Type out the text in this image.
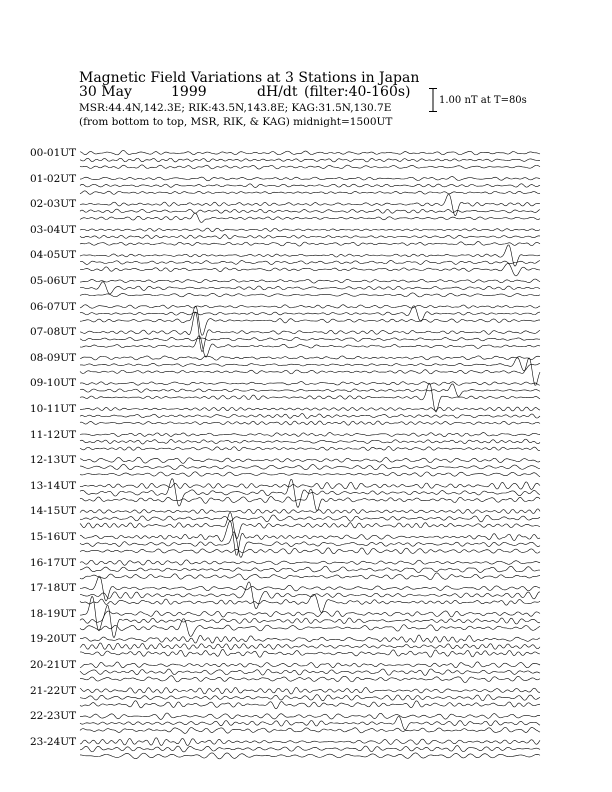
Magnetic Field Variations at 3 Stations in Japan
30 May	1999	dH/dt (filter:40-160s)
MSR:44.4N,142.3E; RIK:43.5N,143.8E; KAG:31.5N,130.7E
(from bottom to top, MSR, RIK, & KAG) midnight=1500UT
1.00 nT at T=80s
00-01UT
01-02UT
02-03UT
03-04UT
04-05UT
05-06UT
06-07UT
07-08UT
08-09UT
09-10UT
10-11UT
11-12UT
12-13UT
13-14UT
14-15UT
15-16UT
16-17UT
17-18UT
18-19UT
19-20UT
20-21UT
21-22UT
22-23UT
23-24UT
